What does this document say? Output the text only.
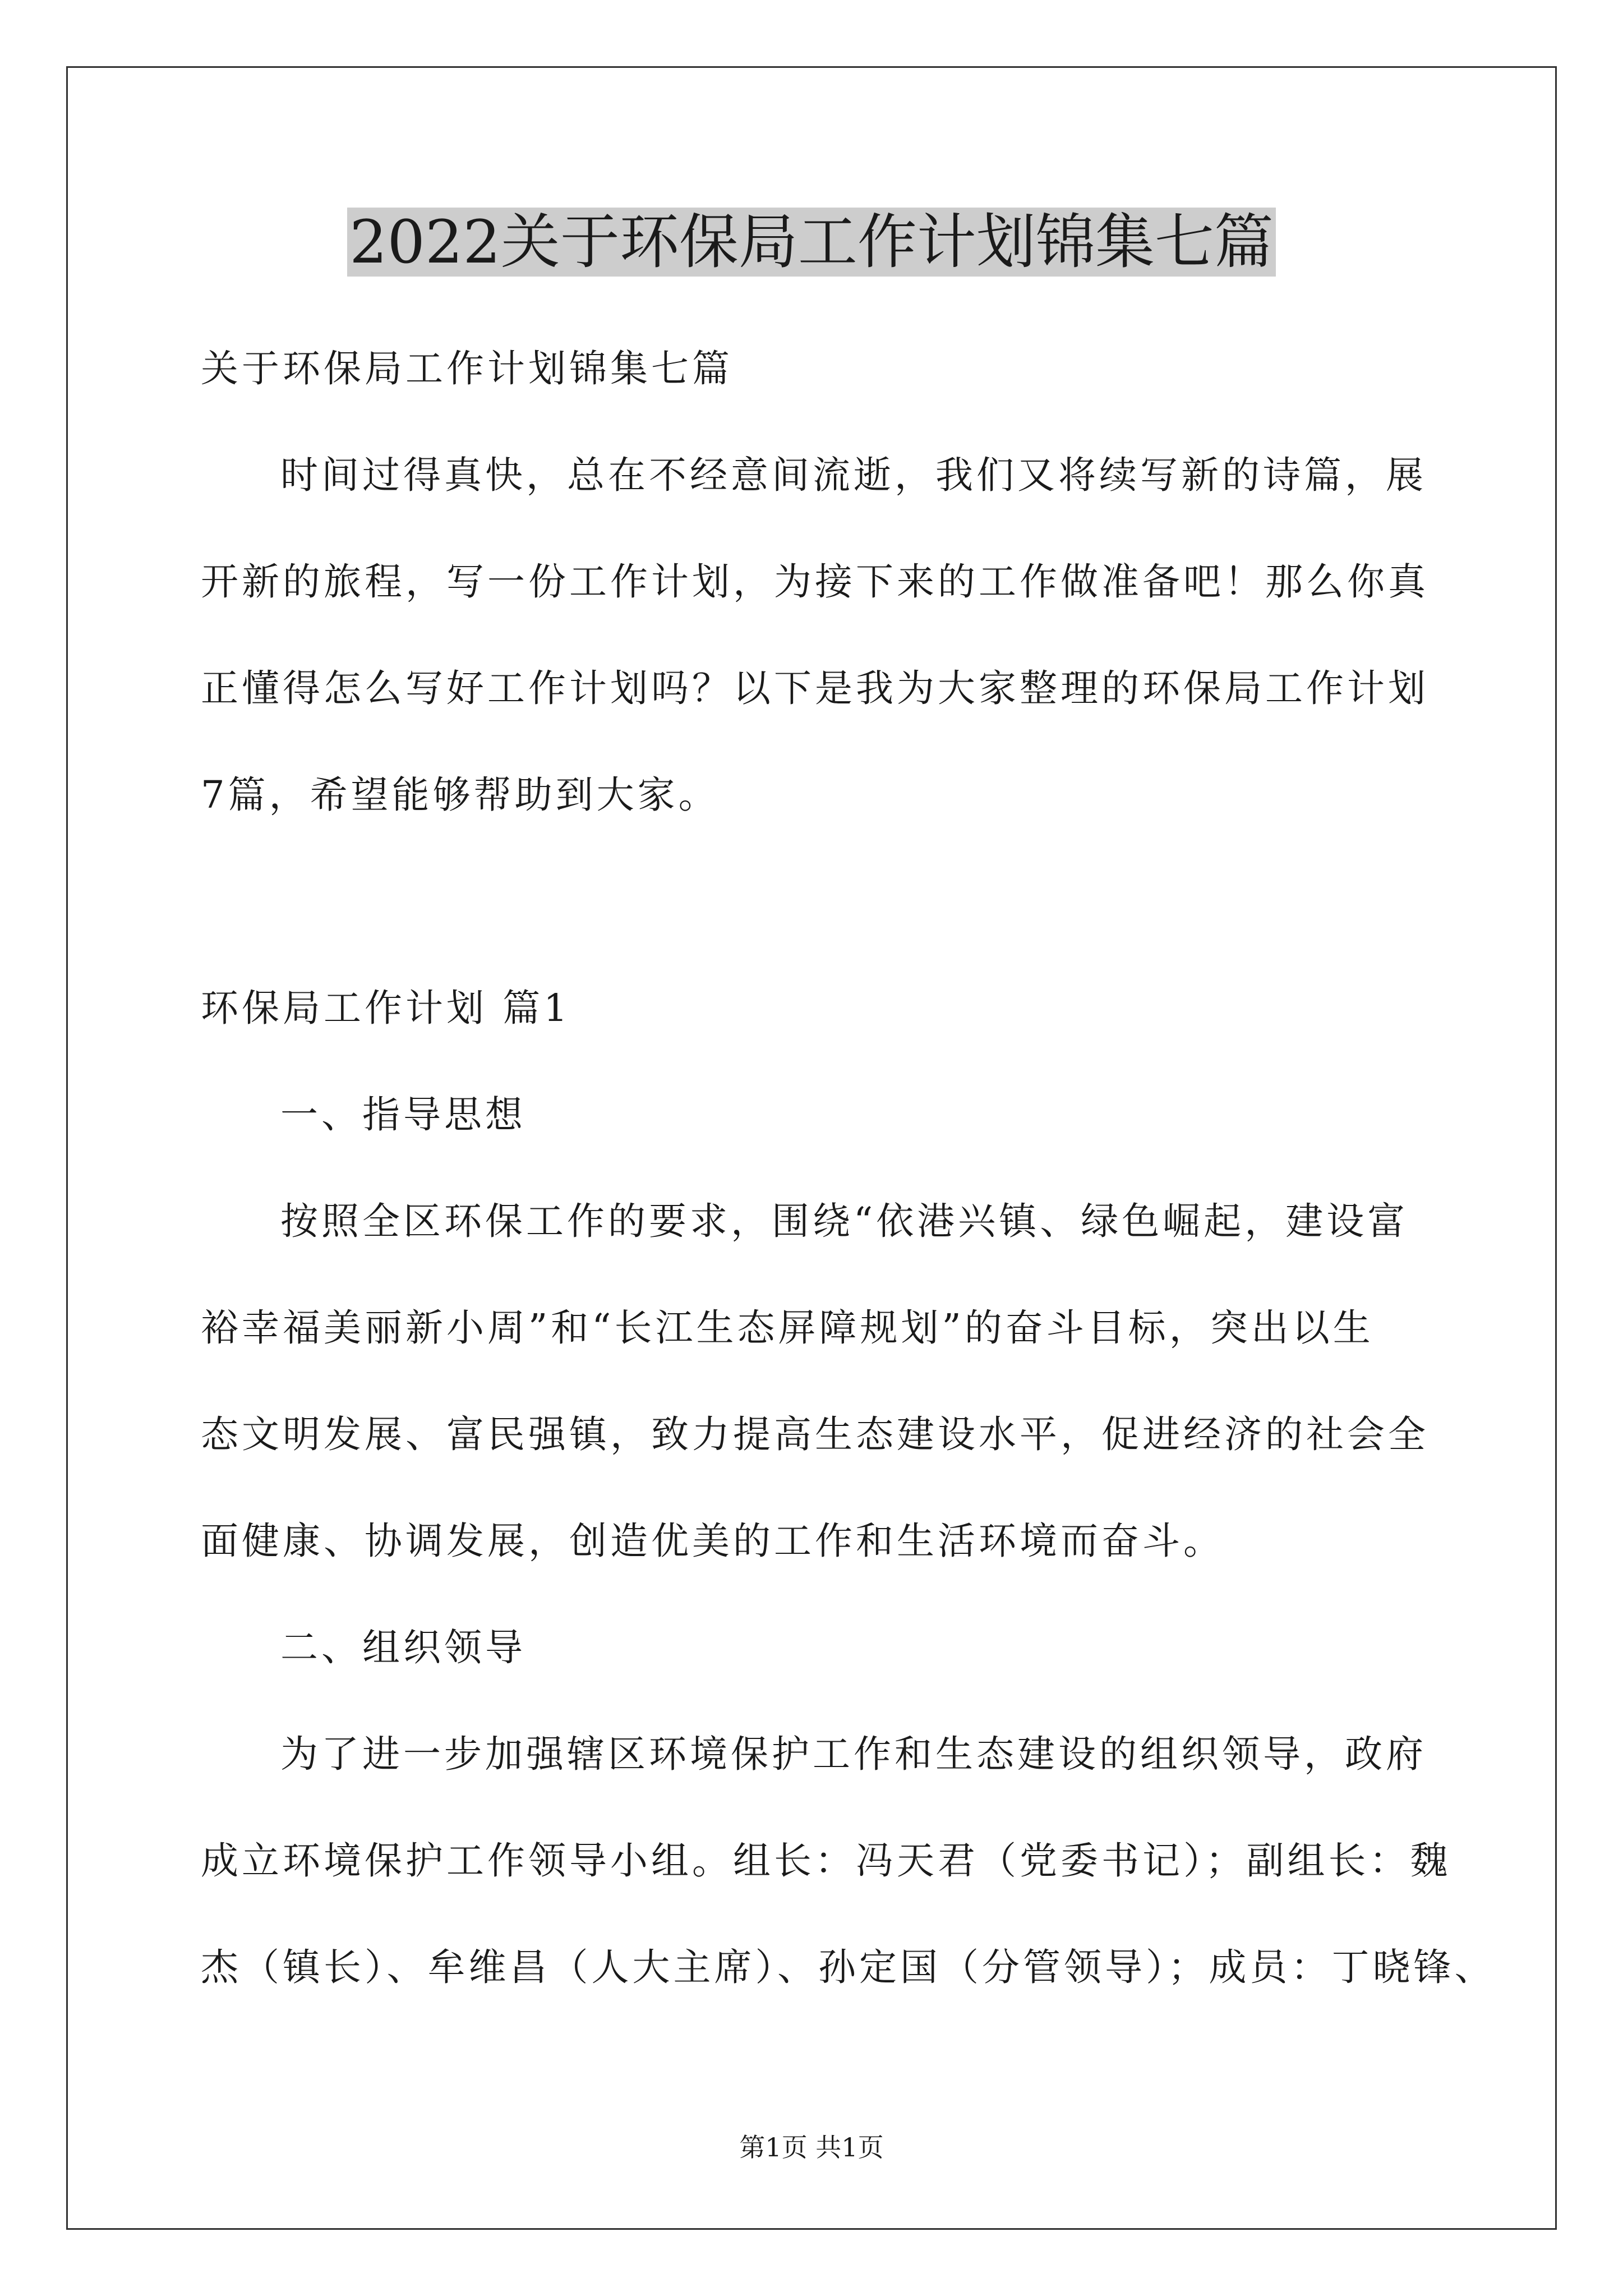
2022关于环保局工作计划锦集七篇

关于环保局工作计划锦集七篇

时间过得真快，总在不经意间流逝，我们又将续写新的诗篇，展

开新的旅程，写一份工作计划，为接下来的工作做准备吧！那么你真

正懂得怎么写好工作计划吗？以下是我为大家整理的环保局工作计划

7篇，希望能够帮助到大家。

环保局工作计划 篇1

一、指导思想

按照全区环保工作的要求，围绕“依港兴镇、绿色崛起，建设富

裕幸福美丽新小周”和“长江生态屏障规划”的奋斗目标，突出以生

态文明发展、富民强镇，致力提高生态建设水平，促进经济的社会全

面健康、协调发展，创造优美的工作和生活环境而奋斗。

二、组织领导

为了进一步加强辖区环境保护工作和生态建设的组织领导，政府

成立环境保护工作领导小组。组长：冯天君（党委书记）；副组长：魏

杰（镇长）、牟维昌（人大主席）、孙定国（分管领导）；成员：丁晓锋、

第1页 共1页
